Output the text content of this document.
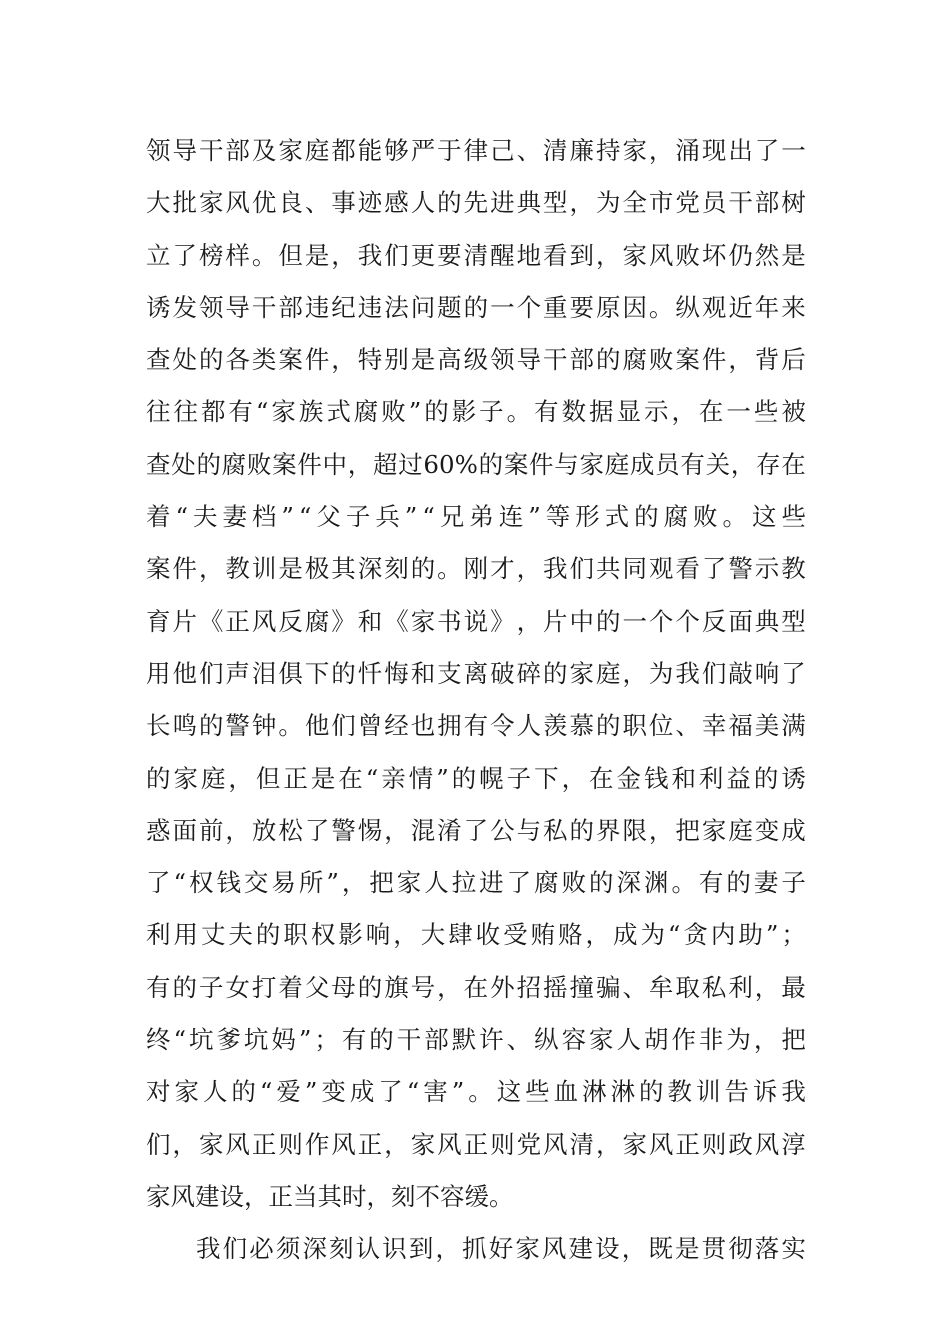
领 导 干 部 及 家 庭 都 能 够 严 于 律 己 、 清 廉 持 家 ， 涌 现 出 了 一
大 批 家 风 优 良 、 事 迹 感 人 的 先 进 典 型 ， 为 全 市 党 员 干 部 树
立 了 榜 样 。 但 是 ， 我 们 更 要 清 醒 地 看 到 ， 家 风 败 坏 仍 然 是
诱 发 领 导 干 部 违 纪 违 法 问 题 的 一 个 重 要 原 因 。 纵 观 近 年 来
查 处 的 各 类 案 件 ， 特 别 是 高 级 领 导 干 部 的 腐 败 案 件 ， 背 后
往 往 都 有 “ 家 族 式 腐 败 ” 的 影 子 。 有 数 据 显 示 ， 在 一 些 被
查 处 的 腐 败 案 件 中 ， 超 过 60% 的 案 件 与 家 庭 成 员 有 关 ， 存 在
着 “ 夫 妻 档 ” “ 父 子 兵 ” “ 兄 弟 连 ” 等 形 式 的 腐 败 。 这 些
案 件 ， 教 训 是 极 其 深 刻 的 。 刚 才 ， 我 们 共 同 观 看 了 警 示 教
育 片 《 正 风 反 腐 》 和 《 家 书 说 》 ， 片 中 的 一 个 个 反 面 典 型
用 他 们 声 泪 俱 下 的 忏 悔 和 支 离 破 碎 的 家 庭 ， 为 我 们 敲 响 了
长 鸣 的 警 钟 。 他 们 曾 经 也 拥 有 令 人 羡 慕 的 职 位 、 幸 福 美 满
的 家 庭 ， 但 正 是 在 “ 亲 情 ” 的 幌 子 下 ， 在 金 钱 和 利 益 的 诱
惑 面 前 ， 放 松 了 警 惕 ， 混 淆 了 公 与 私 的 界 限 ， 把 家 庭 变 成
了 “ 权 钱 交 易 所 ” ， 把 家 人 拉 进 了 腐 败 的 深 渊 。 有 的 妻 子
利 用 丈 夫 的 职 权 影 响 ， 大 肆 收 受 贿 赂 ， 成 为 “ 贪 内 助 ” ；
有 的 子 女 打 着 父 母 的 旗 号 ， 在 外 招 摇 撞 骗 、 牟 取 私 利 ， 最
终 “ 坑 爹 坑 妈 ” ； 有 的 干 部 默 许 、 纵 容 家 人 胡 作 非 为 ， 把
对 家 人 的 “ 爱 ” 变 成 了 “ 害 ” 。 这 些 血 淋 淋 的 教 训 告 诉 我
们 ， 家 风 正 则 作 风 正 ， 家 风 正 则 党 风 清 ， 家 风 正 则 政 风 淳
家风建设，正当其时，刻不容缓。
我 们 必 须 深 刻 认 识 到 ， 抓 好 家 风 建 设 ， 既 是 贯 彻 落 实
